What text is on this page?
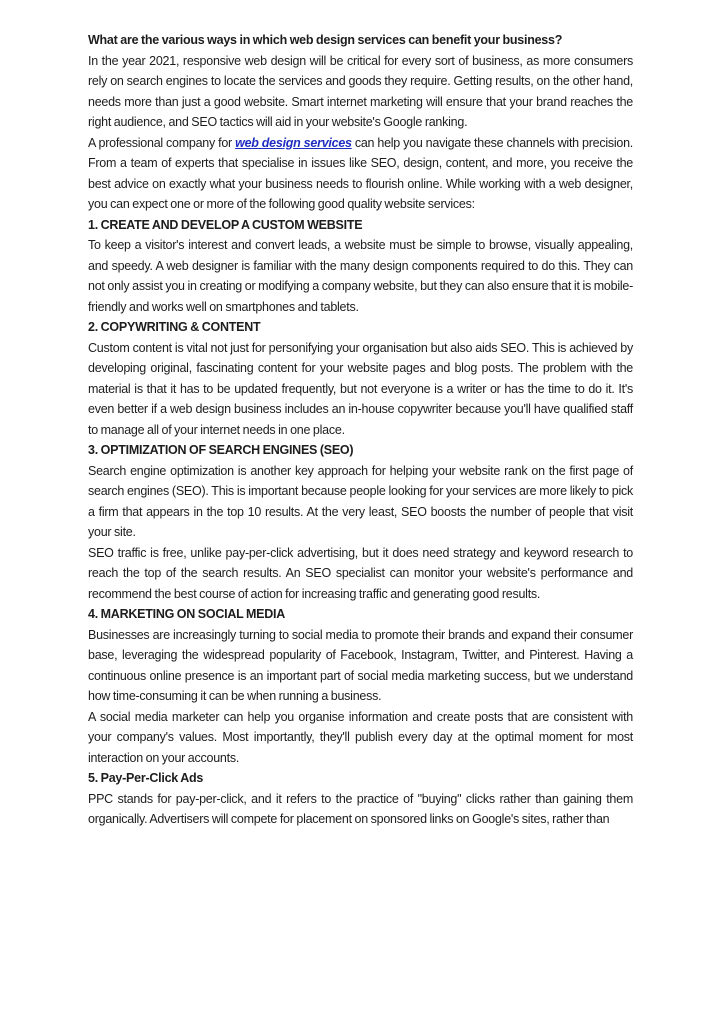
What are the various ways in which web design services can benefit your business?

In the year 2021, responsive web design will be critical for every sort of business, as more consumers rely on search engines to locate the services and goods they require. Getting results, on the other hand, needs more than just a good website. Smart internet marketing will ensure that your brand reaches the right audience, and SEO tactics will aid in your website's Google ranking.

A professional company for web design services can help you navigate these channels with precision. From a team of experts that specialise in issues like SEO, design, content, and more, you receive the best advice on exactly what your business needs to flourish online. While working with a web designer, you can expect one or more of the following good quality website services:

1. CREATE AND DEVELOP A CUSTOM WEBSITE

To keep a visitor's interest and convert leads, a website must be simple to browse, visually appealing, and speedy. A web designer is familiar with the many design components required to do this. They can not only assist you in creating or modifying a company website, but they can also ensure that it is mobile-friendly and works well on smartphones and tablets.

2. COPYWRITING & CONTENT

Custom content is vital not just for personifying your organisation but also aids SEO. This is achieved by developing original, fascinating content for your website pages and blog posts. The problem with the material is that it has to be updated frequently, but not everyone is a writer or has the time to do it. It's even better if a web design business includes an in-house copywriter because you'll have qualified staff to manage all of your internet needs in one place.

3. OPTIMIZATION OF SEARCH ENGINES (SEO)

Search engine optimization is another key approach for helping your website rank on the first page of search engines (SEO). This is important because people looking for your services are more likely to pick a firm that appears in the top 10 results. At the very least, SEO boosts the number of people that visit your site.

SEO traffic is free, unlike pay-per-click advertising, but it does need strategy and keyword research to reach the top of the search results. An SEO specialist can monitor your website's performance and recommend the best course of action for increasing traffic and generating good results.

4. MARKETING ON SOCIAL MEDIA

Businesses are increasingly turning to social media to promote their brands and expand their consumer base, leveraging the widespread popularity of Facebook, Instagram, Twitter, and Pinterest. Having a continuous online presence is an important part of social media marketing success, but we understand how time-consuming it can be when running a business.

A social media marketer can help you organise information and create posts that are consistent with your company's values. Most importantly, they'll publish every day at the optimal moment for most interaction on your accounts.

5. Pay-Per-Click Ads

PPC stands for pay-per-click, and it refers to the practice of "buying" clicks rather than gaining them organically. Advertisers will compete for placement on sponsored links on Google's sites, rather than
